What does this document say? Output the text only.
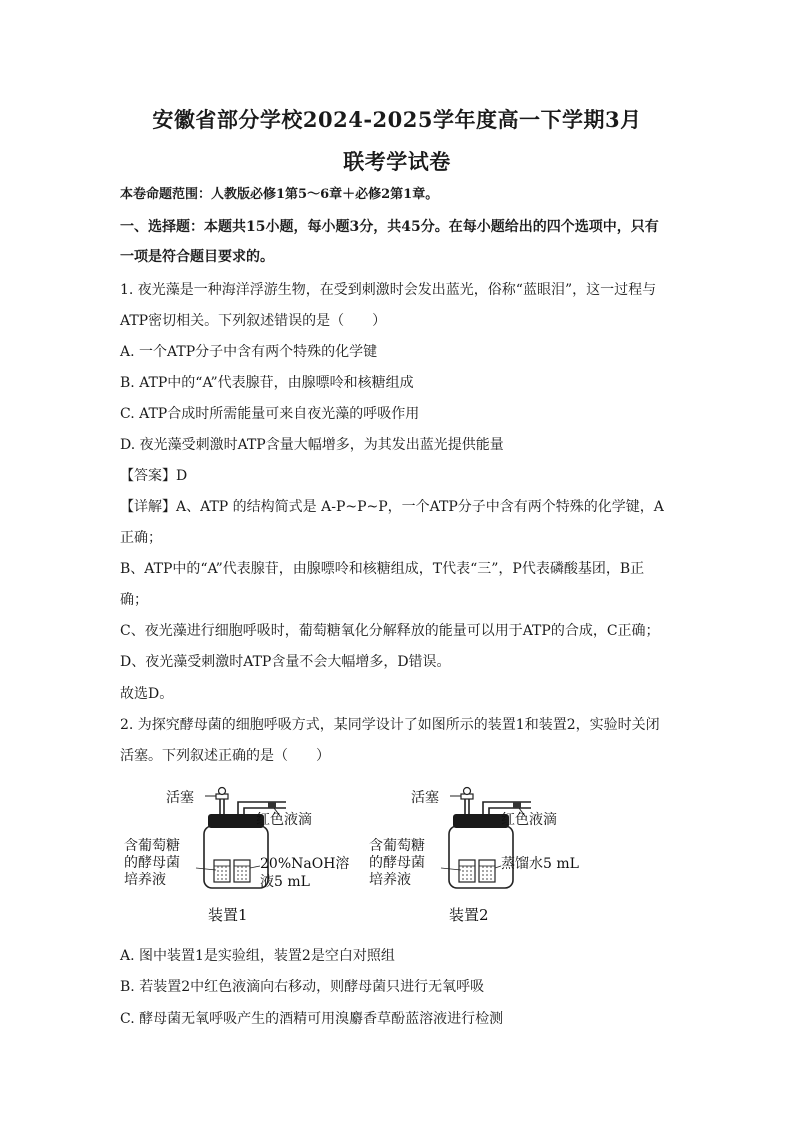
安徽省部分学校2024-2025学年度高一下学期3月
联考学试卷
本卷命题范围：人教版必修1第5～6章＋必修2第1章。
一、选择题：本题共15小题，每小题3分，共45分。在每小题给出的四个选项中，只有
一项是符合题目要求的。
1. 夜光藻是一种海洋浮游生物，在受到刺激时会发出蓝光，俗称“蓝眼泪”，这一过程与
ATP密切相关。下列叙述错误的是（　　）
A. 一个ATP分子中含有两个特殊的化学键
B. ATP中的“A”代表腺苷，由腺嘌呤和核糖组成
C. ATP合成时所需能量可来自夜光藻的呼吸作用
D. 夜光藻受刺激时ATP含量大幅增多，为其发出蓝光提供能量
【答案】D
【详解】A、ATP 的结构简式是 A-P~P~P，一个ATP分子中含有两个特殊的化学键，A
正确；
B、ATP中的“A”代表腺苷，由腺嘌呤和核糖组成，T代表“三”，P代表磷酸基团，B正
确；
C、夜光藻进行细胞呼吸时，葡萄糖氧化分解释放的能量可以用于ATP的合成，C正确；
D、夜光藻受刺激时ATP含量不会大幅增多，D错误。
故选D。
2. 为探究酵母菌的细胞呼吸方式，某同学设计了如图所示的装置1和装置2，实验时关闭
活塞。下列叙述正确的是（　　）
活塞
红色液滴
含葡萄糖
的酵母菌
培养液
20%NaOH溶
液5 mL
装置1
活塞
红色液滴
含葡萄糖
的酵母菌
培养液
蒸馏水5 mL
装置2
A. 图中装置1是实验组，装置2是空白对照组
B. 若装置2中红色液滴向右移动，则酵母菌只进行无氧呼吸
C. 酵母菌无氧呼吸产生的酒精可用溴麝香草酚蓝溶液进行检测
